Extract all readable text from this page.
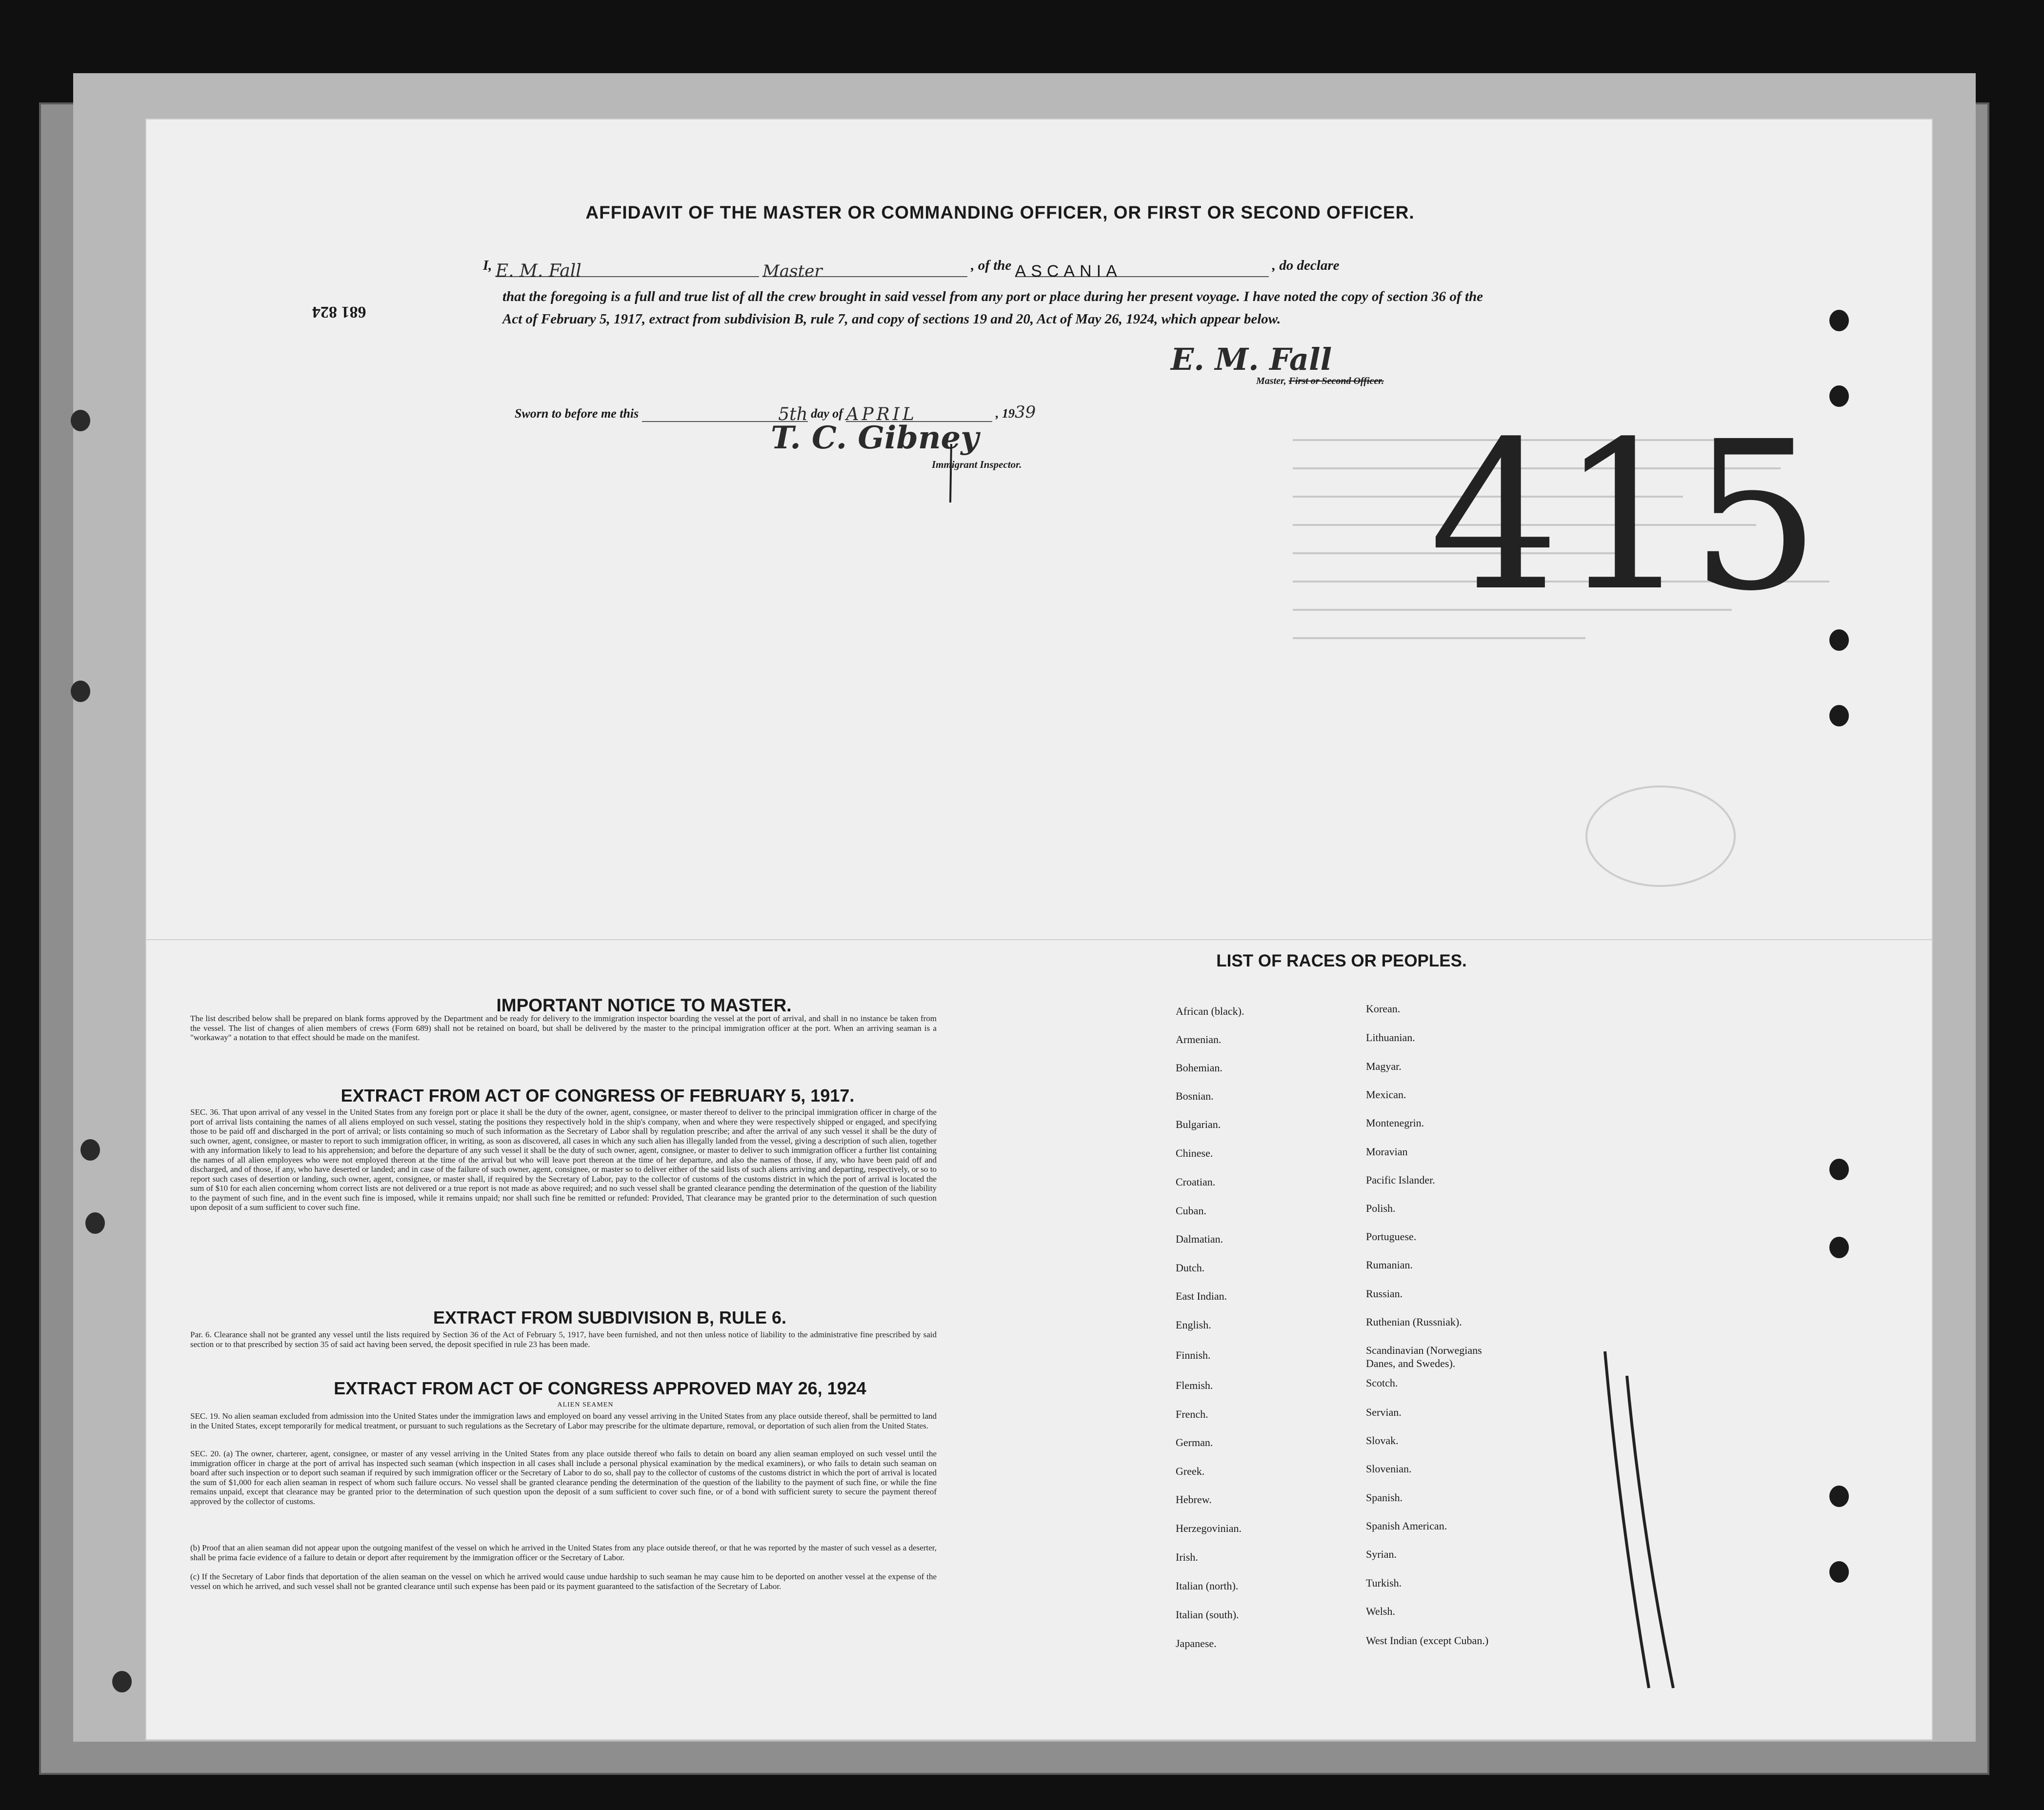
AFFIDAVIT OF THE MASTER OR COMMANDING OFFICER, OR FIRST OR SECOND OFFICER.
681 824
I, E. M. Fall	Master	, of the ASCANIA	, do declare
that the foregoing is a full and true list of all the crew brought in said vessel from any port or place during her present voyage. I have noted the copy of section 36 of the Act of February 5, 1917, extract from subdivision B, rule 7, and copy of sections 19 and 20, Act of May 26, 1924, which appear below.
E. M. Fall
Master, First or Second Officer.
Sworn to before me this	5th day of APRIL	, 1939
T. C. Gibney
Immigrant Inspector. 415
IMPORTANT NOTICE TO MASTER.
The list described below shall be prepared on blank forms approved by the Department and be ready for delivery to the immigration inspector boarding the vessel at the port of arrival, and shall in no instance be taken from the vessel. The list of changes of alien members of crews (Form 689) shall not be retained on board, but shall be delivered by the master to the principal immigration officer at the port. When an arriving seaman is a "workaway" a notation to that effect should be made on the manifest.
EXTRACT FROM ACT OF CONGRESS OF FEBRUARY 5, 1917.
SEC. 36. That upon arrival of any vessel in the United States from any foreign port or place it shall be the duty of the owner, agent, consignee, or master thereof to deliver to the principal immigration officer in charge of the port of arrival lists containing the names of all aliens employed on such vessel, stating the positions they respectively hold in the ship's company, when and where they were respectively shipped or engaged, and specifying those to be paid off and discharged in the port of arrival; or lists containing so much of such information as the Secretary of Labor shall by regulation prescribe; and after the arrival of any such vessel it shall be the duty of such owner, agent, consignee, or master to report to such immigration officer, in writing, as soon as discovered, all cases in which any such alien has illegally landed from the vessel, giving a description of such alien, together with any information likely to lead to his apprehension; and before the departure of any such vessel it shall be the duty of such owner, agent, consignee, or master to deliver to such immigration officer a further list containing the names of all alien employees who were not employed thereon at the time of the arrival but who will leave port thereon at the time of her departure, and also the names of those, if any, who have been paid off and discharged, and of those, if any, who have deserted or landed; and in case of the failure of such owner, agent, consignee, or master so to deliver either of the said lists of such aliens arriving and departing, respectively, or so to report such cases of desertion or landing, such owner, agent, consignee, or master shall, if required by the Secretary of Labor, pay to the collector of customs of the customs district in which the port of arrival is located the sum of $10 for each alien concerning whom correct lists are not delivered or a true report is not made as above required; and no such vessel shall be granted clearance pending the determination of the question of the liability to the payment of such fine, and in the event such fine is imposed, while it remains unpaid; nor shall such fine be remitted or refunded: Provided, That clearance may be granted prior to the determination of such question upon deposit of a sum sufficient to cover such fine.
EXTRACT FROM SUBDIVISION B, RULE 6.
Par. 6. Clearance shall not be granted any vessel until the lists required by Section 36 of the Act of February 5, 1917, have been furnished, and not then unless notice of liability to the administrative fine prescribed by said section or to that prescribed by section 35 of said act having been served, the deposit specified in rule 23 has been made.
EXTRACT FROM ACT OF CONGRESS APPROVED MAY 26, 1924
ALIEN SEAMEN
SEC. 19. No alien seaman excluded from admission into the United States under the immigration laws and employed on board any vessel arriving in the United States from any place outside thereof, shall be permitted to land in the United States, except temporarily for medical treatment, or pursuant to such regulations as the Secretary of Labor may prescribe for the ultimate departure, removal, or deportation of such alien from the United States.
SEC. 20. (a) The owner, charterer, agent, consignee, or master of any vessel arriving in the United States from any place outside thereof who fails to detain on board any alien seaman employed on such vessel until the immigration officer in charge at the port of arrival has inspected such seaman (which inspection in all cases shall include a personal physical examination by the medical examiners), or who fails to detain such seaman on board after such inspection or to deport such seaman if required by such immigration officer or the Secretary of Labor to do so, shall pay to the collector of customs of the customs district in which the port of arrival is located the sum of $1,000 for each alien seaman in respect of whom such failure occurs. No vessel shall be granted clearance pending the determination of the question of the liability to the payment of such fine, or while the fine remains unpaid, except that clearance may be granted prior to the determination of such question upon the deposit of a sum sufficient to cover such fine, or of a bond with sufficient surety to secure the payment thereof approved by the collector of customs.
(b) Proof that an alien seaman did not appear upon the outgoing manifest of the vessel on which he arrived in the United States from any place outside thereof, or that he was reported by the master of such vessel as a deserter, shall be prima facie evidence of a failure to detain or deport after requirement by the immigration officer or the Secretary of Labor.
(c) If the Secretary of Labor finds that deportation of the alien seaman on the vessel on which he arrived would cause undue hardship to such seaman he may cause him to be deported on another vessel at the expense of the vessel on which he arrived, and such vessel shall not be granted clearance until such expense has been paid or its payment guaranteed to the satisfaction of the Secretary of Labor.
LIST OF RACES OR PEOPLES.
African (black).
Armenian.
Bohemian.
Bosnian.
Bulgarian.
Chinese.
Croatian.
Cuban.
Dalmatian.
Dutch.
East Indian.
English.
Finnish.
Flemish.
French.
German.
Greek.
Hebrew.
Herzegovinian.
Irish.
Italian (north).
Italian (south).
Japanese.
Korean.
Lithuanian.
Magyar.
Mexican.
Montenegrin.
Moravian
Pacific Islander.
Polish.
Portuguese.
Rumanian.
Russian.
Ruthenian (Russniak).
Scandinavian (Norwegians
Danes, and Swedes).
Scotch.
Servian.
Slovak.
Slovenian.
Spanish.
Spanish American.
Syrian.
Turkish.
Welsh.
West Indian (except Cuban.)
